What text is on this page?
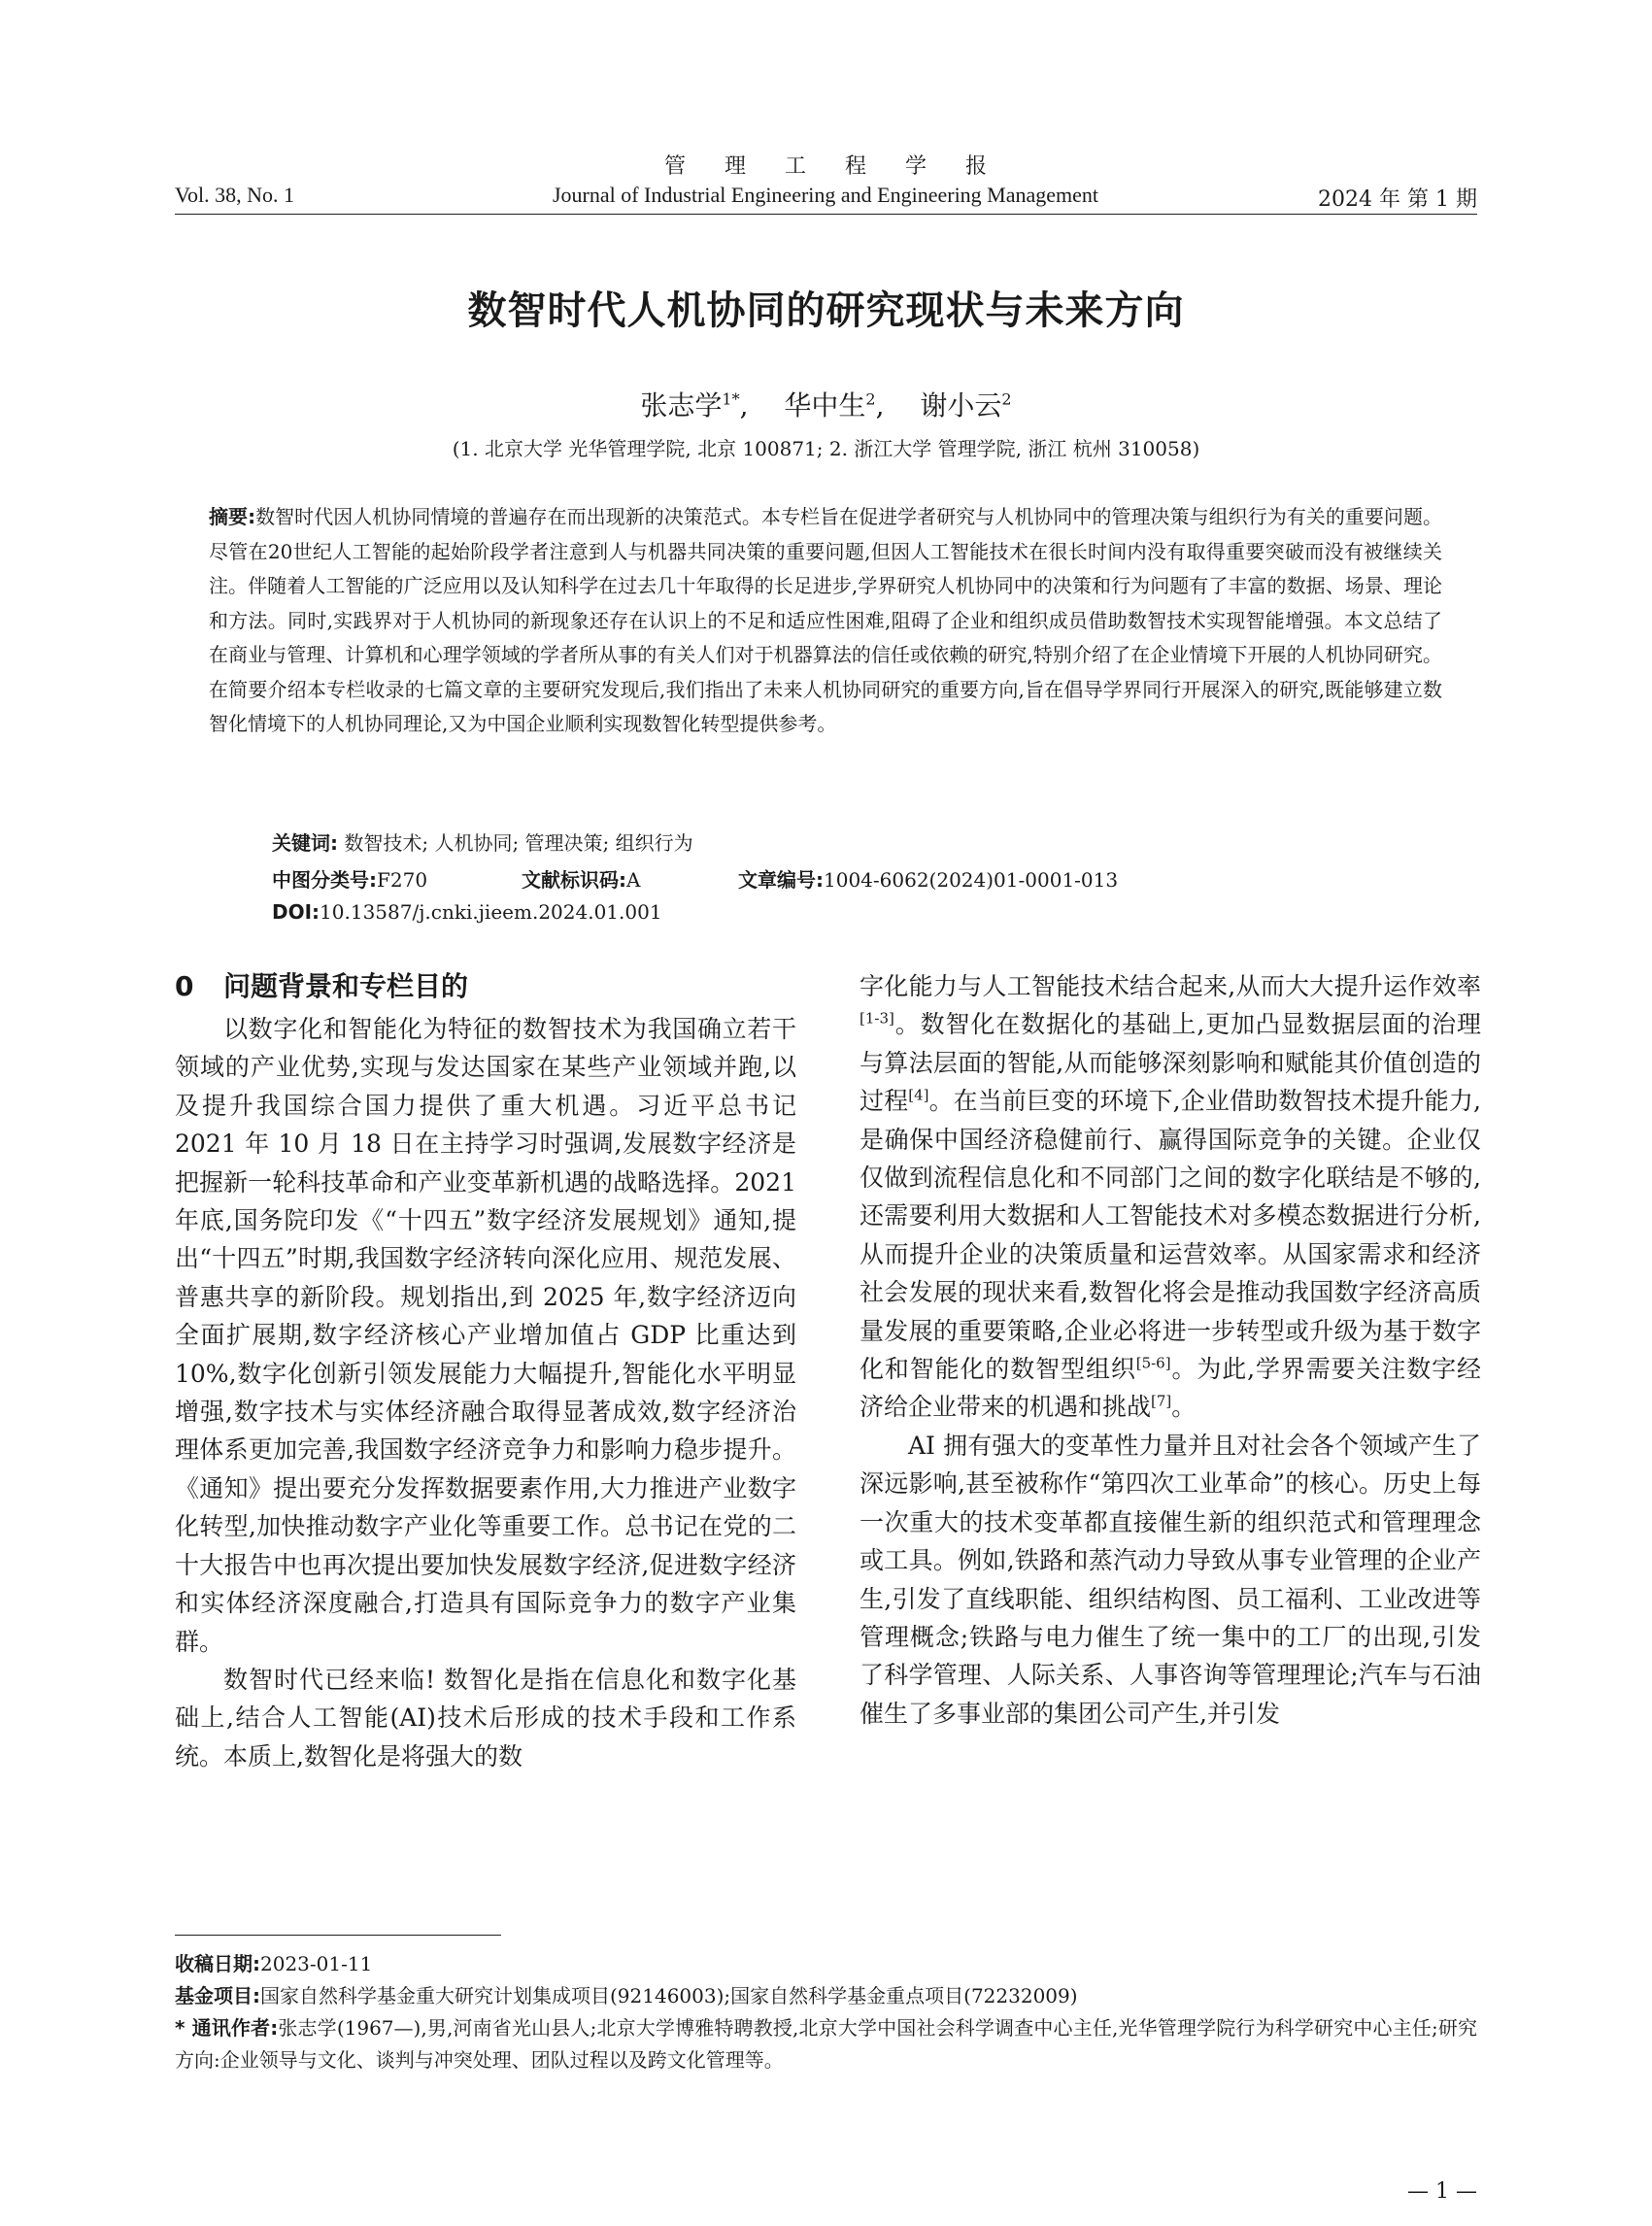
管理工程学报
Vol. 38, No. 1	Journal of Industrial Engineering and Engineering Management	2024 年 第 1 期
数智时代人机协同的研究现状与未来方向
张志学$^{1*}$, 华中生$^2$, 谢小云$^2$
(1. 北京大学 光华管理学院, 北京 100871; 2. 浙江大学 管理学院, 浙江 杭州 310058)
摘要:数智时代因人机协同情境的普遍存在而出现新的决策范式。本专栏旨在促进学者研究与人机协同中的管理决策与组织行为有关的重要问题。尽管在20世纪人工智能的起始阶段学者注意到人与机器共同决策的重要问题,但因人工智能技术在很长时间内没有取得重要突破而没有被继续关注。伴随着人工智能的广泛应用以及认知科学在过去几十年取得的长足进步,学界研究人机协同中的决策和行为问题有了丰富的数据、场景、理论和方法。同时,实践界对于人机协同的新现象还存在认识上的不足和适应性困难,阻碍了企业和组织成员借助数智技术实现智能增强。本文总结了在商业与管理、计算机和心理学领域的学者所从事的有关人们对于机器算法的信任或依赖的研究,特别介绍了在企业情境下开展的人机协同研究。在简要介绍本专栏收录的七篇文章的主要研究发现后,我们指出了未来人机协同研究的重要方向,旨在倡导学界同行开展深入的研究,既能够建立数智化情境下的人机协同理论,又为中国企业顺利实现数智化转型提供参考。
关键词: 数智技术; 人机协同; 管理决策; 组织行为
中图分类号:F270	文献标识码:A	文章编号:1004-6062(2024)01-0001-013
DOI:10.13587/j.cnki.jieem.2024.01.001
0 问题背景和专栏目的

以数字化和智能化为特征的数智技术为我国确立若干领域的产业优势,实现与发达国家在某些产业领域并跑,以及提升我国综合国力提供了重大机遇。习近平总书记 2021 年 10 月 18 日在主持学习时强调,发展数字经济是把握新一轮科技革命和产业变革新机遇的战略选择。2021 年底,国务院印发《“十四五”数字经济发展规划》通知,提出“十四五”时期,我国数字经济转向深化应用、规范发展、普惠共享的新阶段。规划指出,到 2025 年,数字经济迈向全面扩展期,数字经济核心产业增加值占 GDP 比重达到 10%,数字化创新引领发展能力大幅提升,智能化水平明显增强,数字技术与实体经济融合取得显著成效,数字经济治理体系更加完善,我国数字经济竞争力和影响力稳步提升。《通知》提出要充分发挥数据要素作用,大力推进产业数字化转型,加快推动数字产业化等重要工作。总书记在党的二十大报告中也再次提出要加快发展数字经济,促进数字经济和实体经济深度融合,打造具有国际竞争力的数字产业集群。

数智时代已经来临! 数智化是指在信息化和数字化基础上,结合人工智能(AI)技术后形成的技术手段和工作系统。本质上,数智化是将强大的数

字化能力与人工智能技术结合起来,从而大大提升运作效率[1-3]。数智化在数据化的基础上,更加凸显数据层面的治理与算法层面的智能,从而能够深刻影响和赋能其价值创造的过程[4]。在当前巨变的环境下,企业借助数智技术提升能力,是确保中国经济稳健前行、赢得国际竞争的关键。企业仅仅做到流程信息化和不同部门之间的数字化联结是不够的,还需要利用大数据和人工智能技术对多模态数据进行分析,从而提升企业的决策质量和运营效率。从国家需求和经济社会发展的现状来看,数智化将会是推动我国数字经济高质量发展的重要策略,企业必将进一步转型或升级为基于数字化和智能化的数智型组织[5-6]。为此,学界需要关注数字经济给企业带来的机遇和挑战[7]。

AI 拥有强大的变革性力量并且对社会各个领域产生了深远影响,甚至被称作“第四次工业革命”的核心。历史上每一次重大的技术变革都直接催生新的组织范式和管理理念或工具。例如,铁路和蒸汽动力导致从事专业管理的企业产生,引发了直线职能、组织结构图、员工福利、工业改进等管理概念;铁路与电力催生了统一集中的工厂的出现,引发了科学管理、人际关系、人事咨询等管理理论;汽车与石油催生了多事业部的集团公司产生,并引发

收稿日期:2023-01-11
基金项目:国家自然科学基金重大研究计划集成项目(92146003);国家自然科学基金重点项目(72232009)
* 通讯作者:张志学(1967—),男,河南省光山县人;北京大学博雅特聘教授,北京大学中国社会科学调查中心主任,光华管理学院行为科学研究中心主任;研究方向:企业领导与文化、谈判与冲突处理、团队过程以及跨文化管理等。
— 1 —
